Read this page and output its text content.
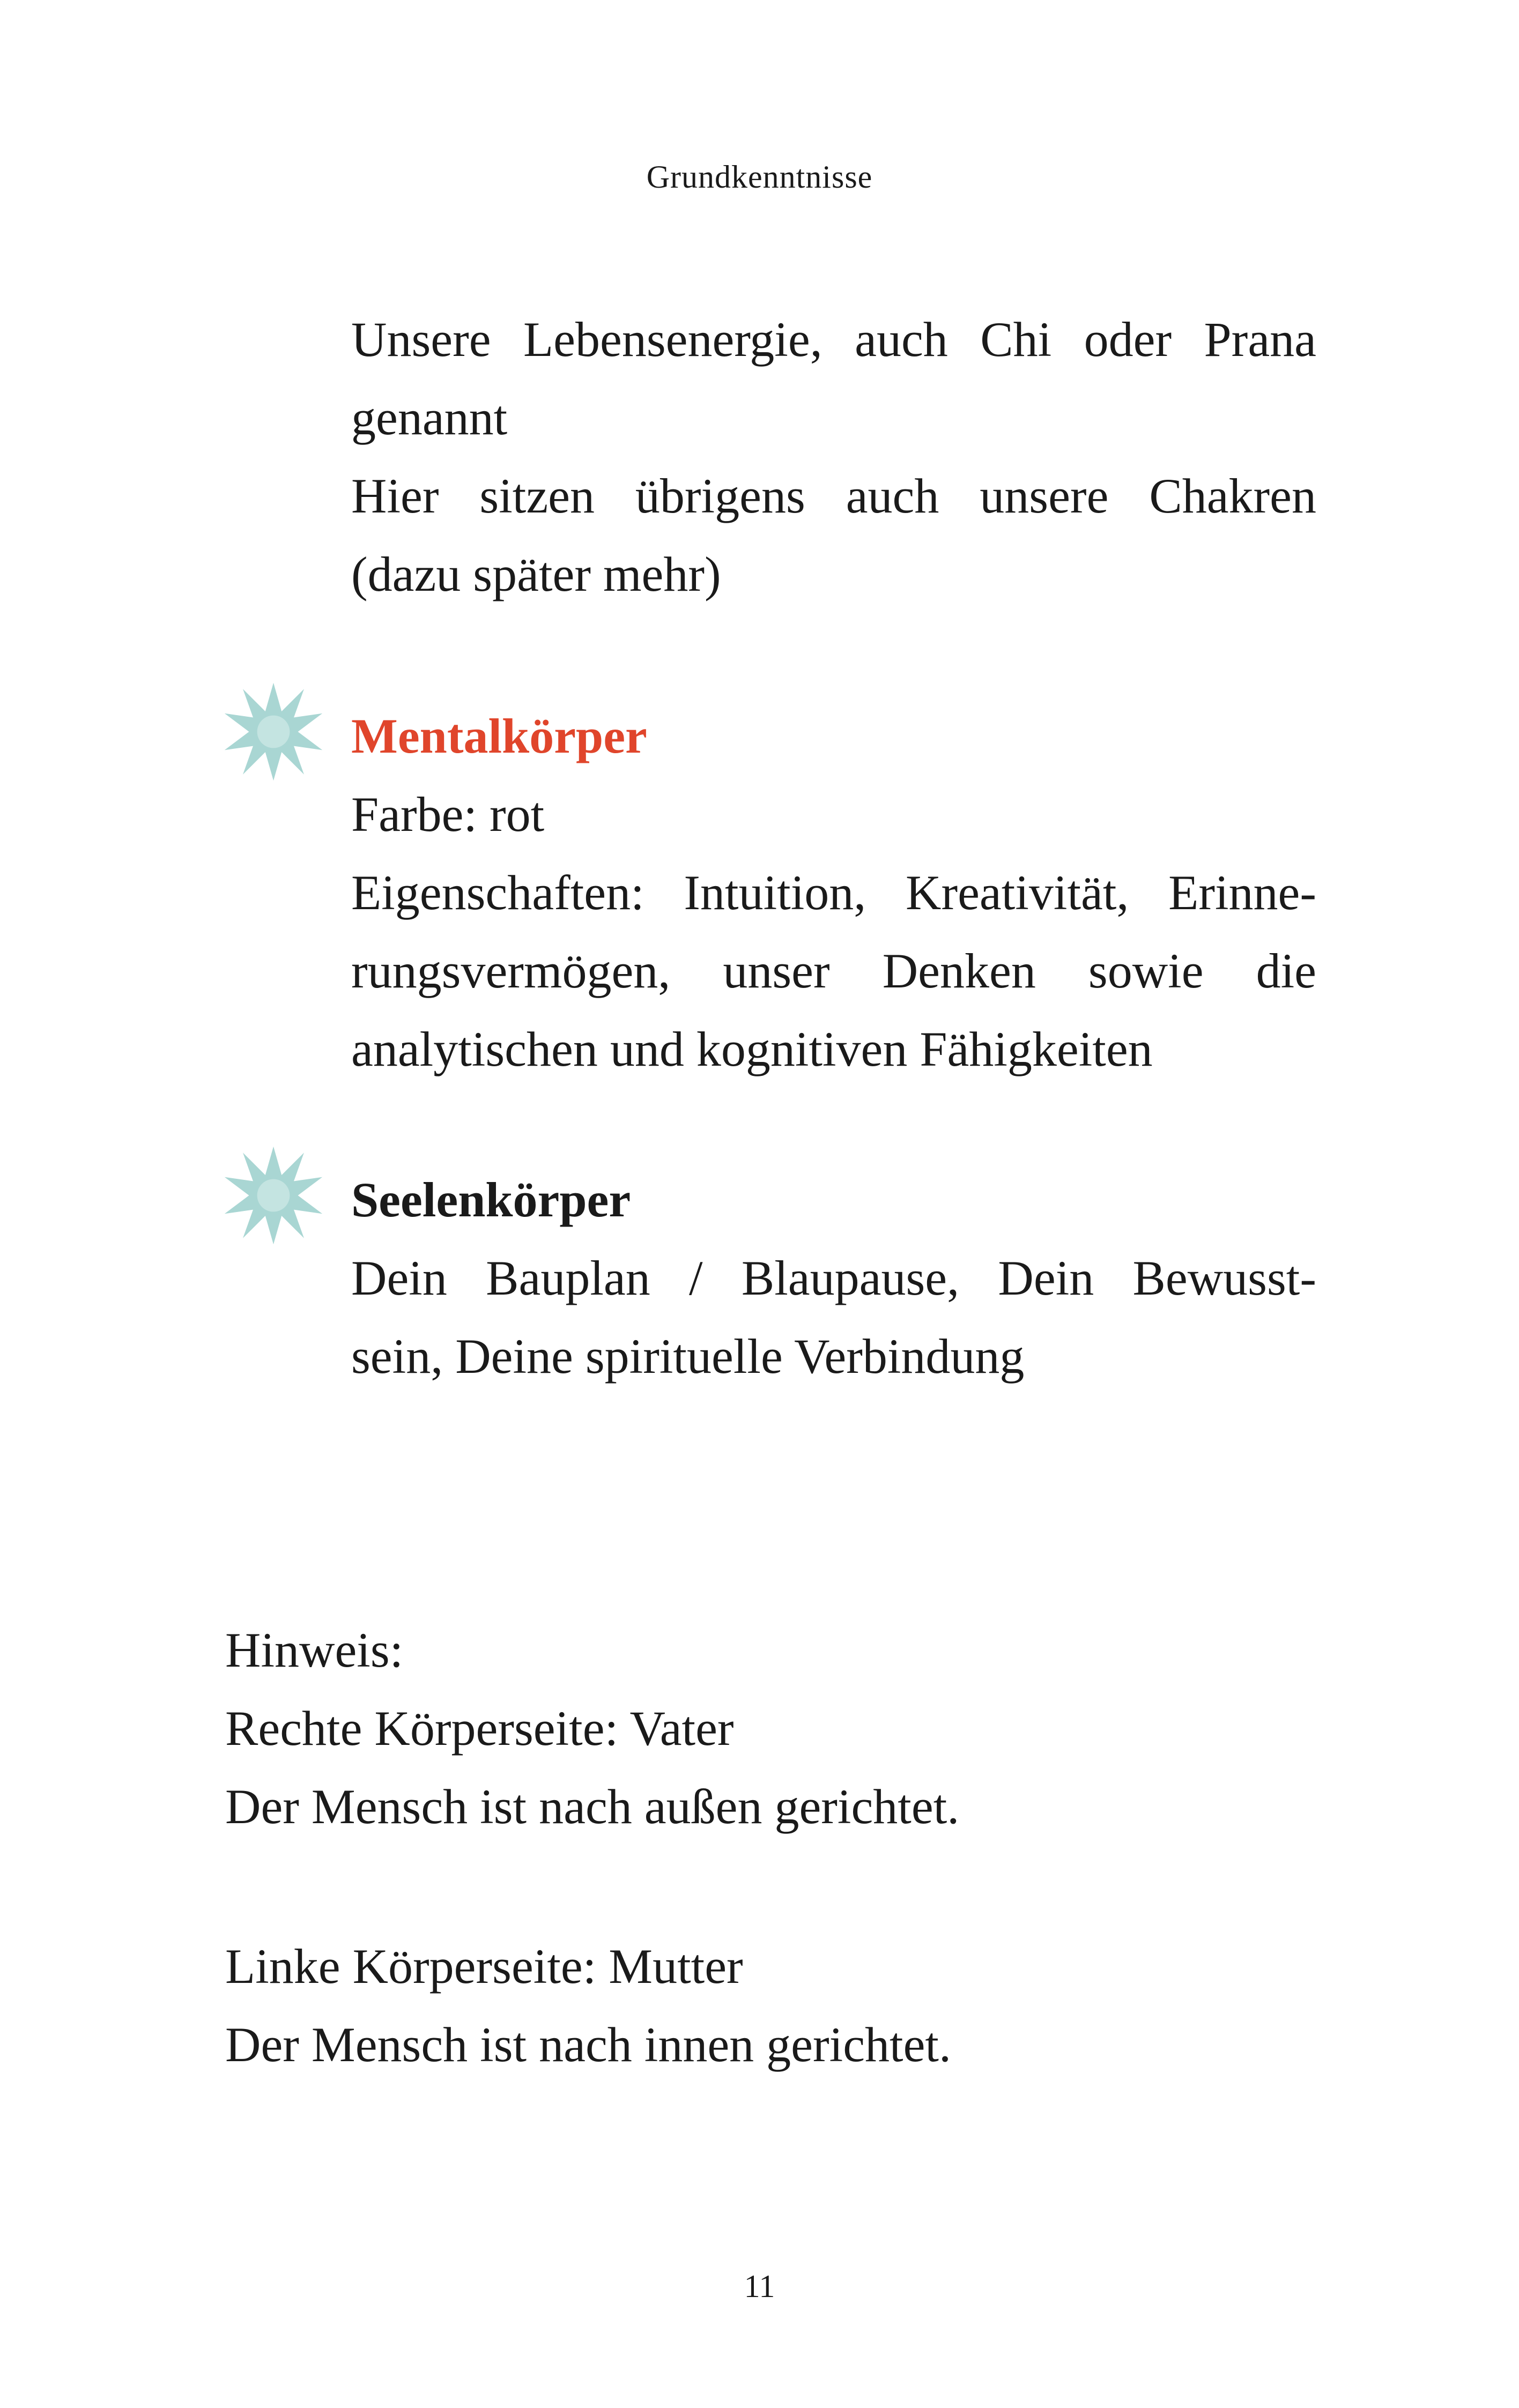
Grundkenntnisse

Unsere Lebensenergie, auch Chi oder Prana

genannt

Hier sitzen übrigens auch unsere Chakren

(dazu später mehr)

Mentalkörper

Farbe: rot

Eigenschaften: Intuition, Kreativität, Erinne-

rungsvermögen, unser Denken sowie die

analytischen und kognitiven Fähigkeiten

Seelenkörper

Dein Bauplan / Blaupause, Dein Bewusst-

sein, Deine spirituelle Verbindung

Hinweis:

Rechte Körperseite: Vater

Der Mensch ist nach außen gerichtet.

Linke Körperseite: Mutter

Der Mensch ist nach innen gerichtet.

11
